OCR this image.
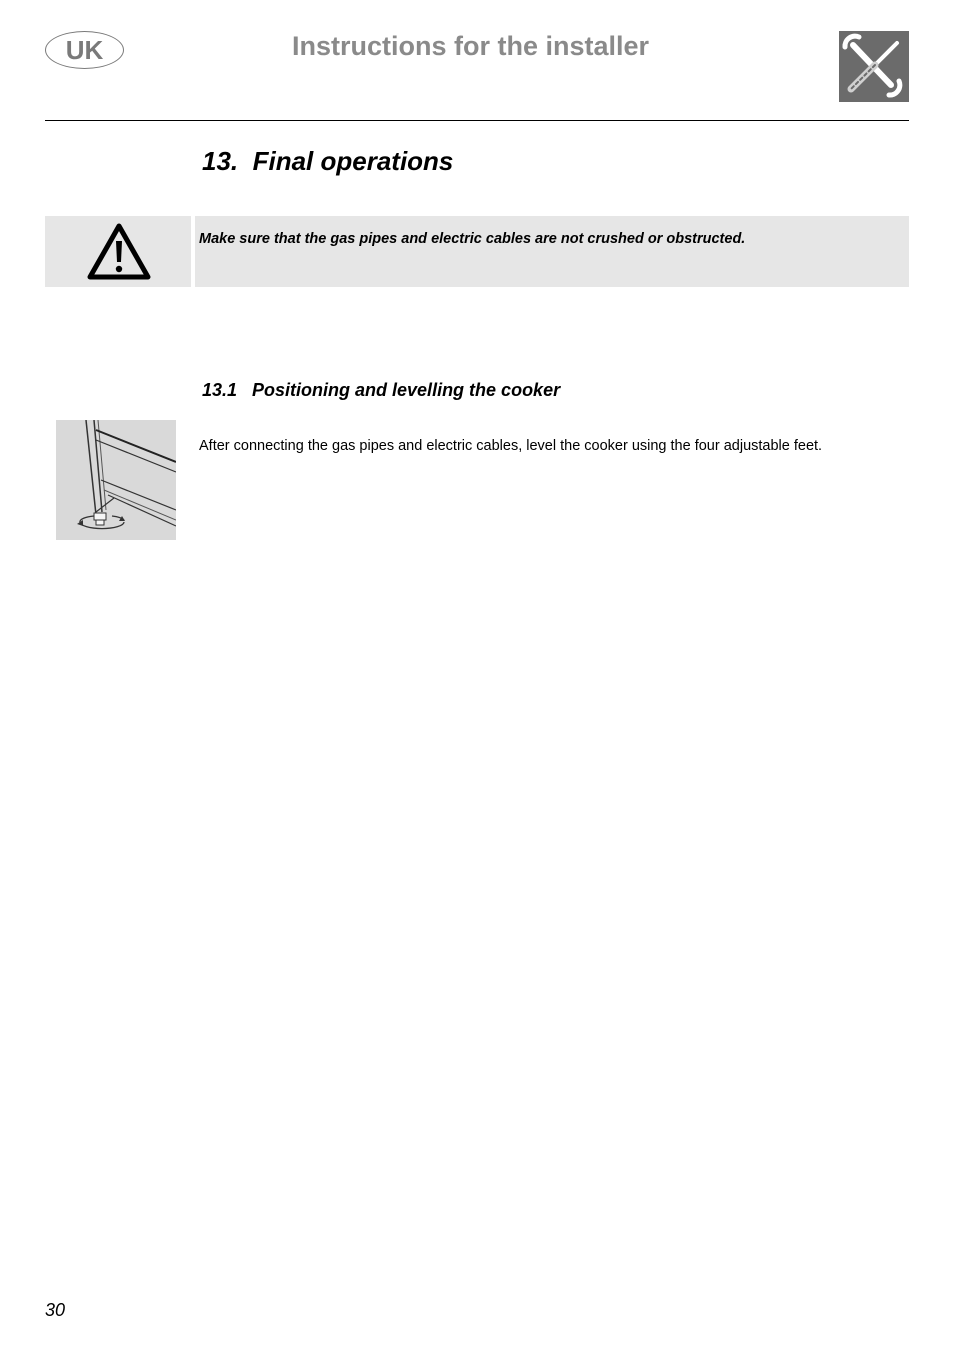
UK	Instructions for the installer
13.  Final operations
Make sure that the gas pipes and electric cables are not crushed or obstructed.
13.1   Positioning and levelling the cooker
After connecting the gas pipes and electric cables, level the cooker using the four adjustable feet.
30
